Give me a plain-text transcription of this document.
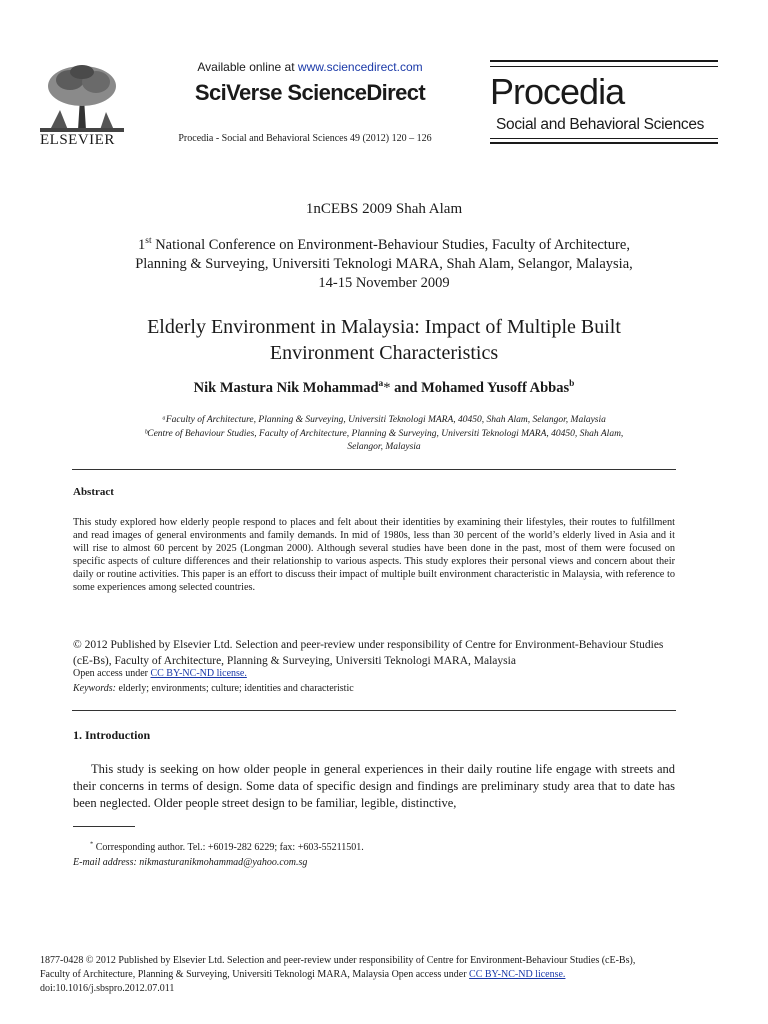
ELSEVIER
Available online at www.sciencedirect.com
SciVerse ScienceDirect
Procedia - Social and Behavioral Sciences 49 (2012) 120 – 126
Procedia
Social and Behavioral Sciences
1nCEBS 2009 Shah Alam
1st National Conference on Environment-Behaviour Studies, Faculty of Architecture,
Planning & Surveying, Universiti Teknologi MARA, Shah Alam, Selangor, Malaysia,
14-15 November 2009
Elderly Environment in Malaysia: Impact of Multiple Built
Environment Characteristics
Nik Mastura Nik Mohammad$^a$* and Mohamed Yusoff Abbas$^b$
ᵃFaculty of Architecture, Planning & Surveying, Universiti Teknologi MARA, 40450, Shah Alam, Selangor, Malaysia
ᵇCentre of Behaviour Studies, Faculty of Architecture, Planning & Surveying, Universiti Teknologi MARA, 40450, Shah Alam,
Selangor, Malaysia
Abstract
This study explored how elderly people respond to places and felt about their identities by examining their lifestyles, their routes to fulfillment and read images of general environments and family demands. In mid of 1980s, less than 30 percent of the world’s elderly lived in Asia and it will rise to almost 60 percent by 2025 (Longman 2000). Although several studies have been done in the past, most of them were focused on specific aspects of culture differences and their relationship to various aspects. This study explores their personal views and concern about their daily or routine activities. This paper is an effort to discuss their impact of multiple built environment characteristic in Malaysia, with reference to some experiences among selected countries.
© 2012 Published by Elsevier Ltd. Selection and peer-review under responsibility of Centre for Environment-Behaviour Studies (cE-Bs), Faculty of Architecture, Planning & Surveying, Universiti Teknologi MARA, Malaysia
Open access under CC BY-NC-ND license.
Keywords: elderly; environments; culture; identities and characteristic
1. Introduction
This study is seeking on how older people in general experiences in their daily routine life engage with streets and their concerns in terms of design. Some data of specific design and findings are preliminary study area that to date has been neglected. Older people street design to be familiar, legible, distinctive,
* Corresponding author. Tel.: +6019-282 6229; fax: +603-55211501.
E-mail address: nikmasturanikmohammad@yahoo.com.sg
1877-0428 © 2012 Published by Elsevier Ltd. Selection and peer-review under responsibility of Centre for Environment-Behaviour Studies (cE-Bs),
Faculty of Architecture, Planning & Surveying, Universiti Teknologi MARA, Malaysia Open access under CC BY-NC-ND license.
doi:10.1016/j.sbspro.2012.07.011
